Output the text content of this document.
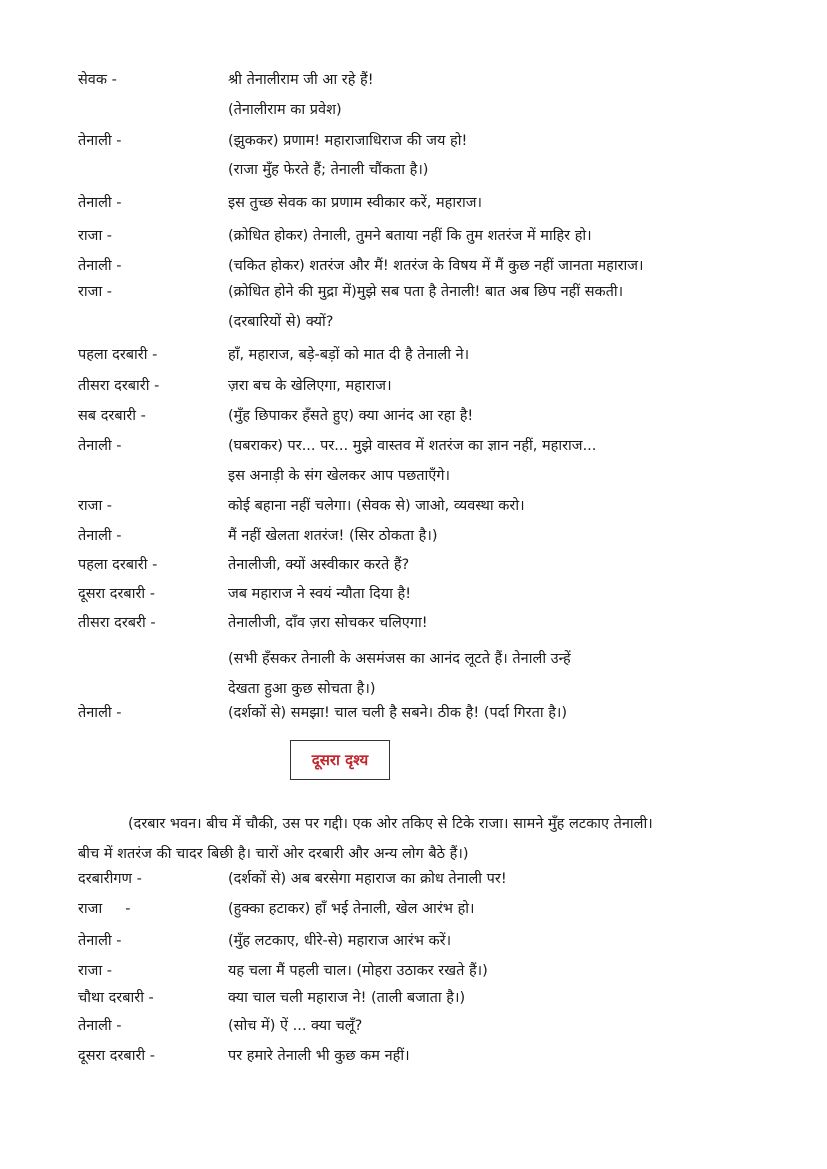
सेवक -	श्री तेनालीराम जी आ रहे हैं!
(तेनालीराम का प्रवेश)
तेनाली -	(झुककर) प्रणाम! महाराजाधिराज की जय हो!
(राजा मुँह फेरते हैं; तेनाली चौंकता है।)
तेनाली -	इस तुच्छ सेवक का प्रणाम स्वीकार करें, महाराज।
राजा -	(क्रोधित होकर) तेनाली, तुमने बताया नहीं कि तुम शतरंज में माहिर हो।
तेनाली -	(चकित होकर) शतरंज और मैं! शतरंज के विषय में मैं कुछ नहीं जानता महाराज।
राजा -	(क्रोधित होने की मुद्रा में)मुझे सब पता है तेनाली! बात अब छिप नहीं सकती।
(दरबारियों से) क्यों?
पहला दरबारी -	हाँ, महाराज, बड़े-बड़ों को मात दी है तेनाली ने।
तीसरा दरबारी -	ज़रा बच के खेलिएगा, महाराज।
सब दरबारी -	(मुँह छिपाकर हँसते हुए) क्या आनंद आ रहा है!
तेनाली -	(घबराकर) पर... पर... मुझे वास्तव में शतरंज का ज्ञान नहीं, महाराज...
इस अनाड़ी के संग खेलकर आप पछताएँगे।
राजा -	कोई बहाना नहीं चलेगा। (सेवक से) जाओ, व्यवस्था करो।
तेनाली -	मैं नहीं खेलता शतरंज! (सिर ठोकता है।)
पहला दरबारी -	तेनालीजी, क्यों अस्वीकार करते हैं?
दूसरा दरबारी -	जब महाराज ने स्वयं न्यौता दिया है!
तीसरा दरबरी -	तेनालीजी, दाँव ज़रा सोचकर चलिएगा!
(सभी हँसकर तेनाली के असमंजस का आनंद लूटते हैं। तेनाली उन्हें
देखता हुआ कुछ सोचता है।)
तेनाली -	(दर्शकों से) समझा! चाल चली है सबने। ठीक है! (पर्दा गिरता है।)
दूसरा दृश्य
(दरबार भवन। बीच में चौकी, उस पर गद्दी। एक ओर तकिए से टिके राजा। सामने मुँह लटकाए तेनाली।
बीच में शतरंज की चादर बिछी है। चारों ओर दरबारी और अन्य लोग बैठे हैं।)
दरबारीगण -	(दर्शकों से) अब बरसेगा महाराज का क्रोध तेनाली पर!
राजा     -	(हुक्का हटाकर) हाँ भई तेनाली, खेल आरंभ हो।
तेनाली -	(मुँह लटकाए, धीरे-से) महाराज आरंभ करें।
राजा -	यह चला मैं पहली चाल। (मोहरा उठाकर रखते हैं।)
चौथा दरबारी -	क्या चाल चली महाराज ने! (ताली बजाता है।)
तेनाली -	(सोच में) ऐं ... क्या चलूँ?
दूसरा दरबारी -	पर हमारे तेनाली भी कुछ कम नहीं।
